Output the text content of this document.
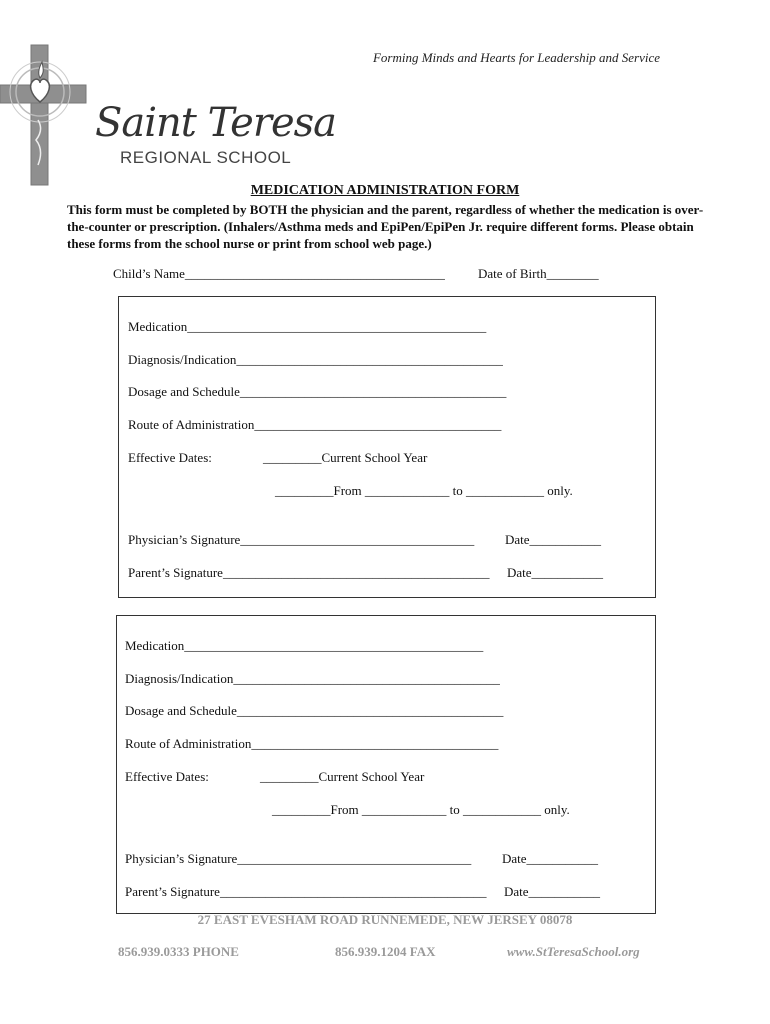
Forming Minds and Hearts for Leadership and Service
Saint Teresa
REGIONAL SCHOOL
MEDICATION ADMINISTRATION FORM
This form must be completed by BOTH the physician and the parent, regardless of whether the medication is over-the-counter or prescription. (Inhalers/Asthma meds and EpiPen/EpiPen Jr. require different forms. Please obtain these forms from the school nurse or print from school web page.)
Child’s Name________________________________________	Date of Birth________
Medication______________________________________________
Diagnosis/Indication_________________________________________
Dosage and Schedule_________________________________________
Route of Administration______________________________________
Effective Dates:	_________Current School Year
_________From _____________ to ____________ only.
Physician’s Signature____________________________________ Date___________
Parent’s Signature_________________________________________ Date___________
Medication______________________________________________
Diagnosis/Indication_________________________________________
Dosage and Schedule_________________________________________
Route of Administration______________________________________
Effective Dates:	_________Current School Year
_________From _____________ to ____________ only.
Physician’s Signature____________________________________ Date___________
Parent’s Signature_________________________________________ Date___________
27 EAST EVESHAM ROAD RUNNEMEDE, NEW JERSEY 08078
856.939.0333 PHONE	856.939.1204 FAX	www.StTeresaSchool.org
